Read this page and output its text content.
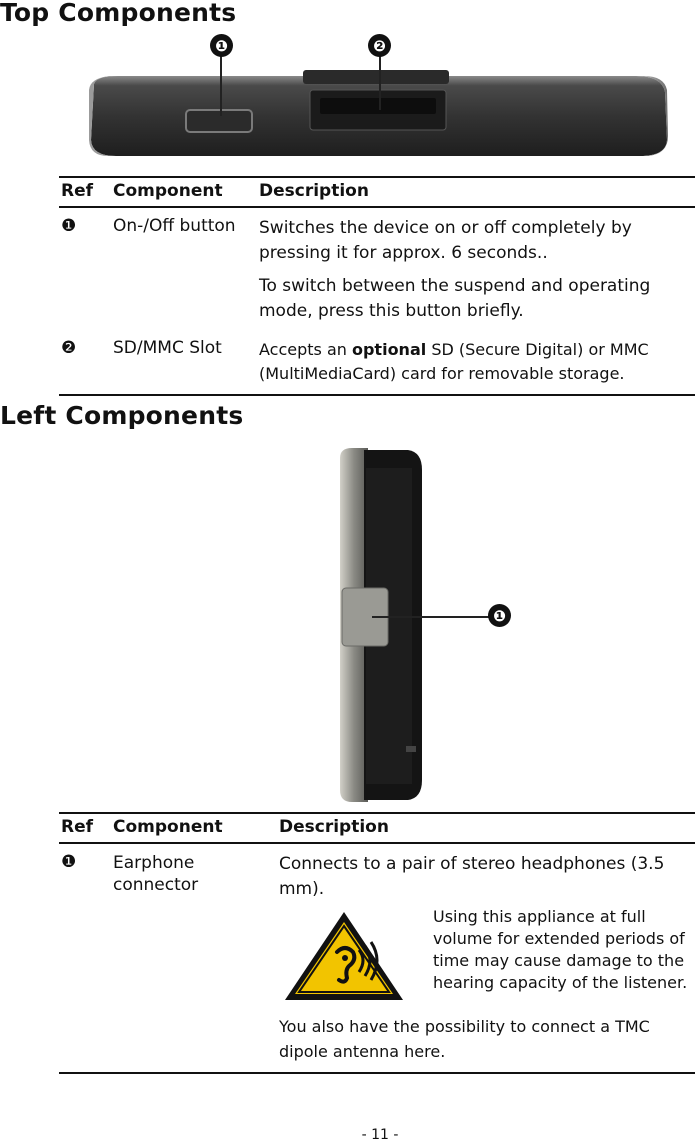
Top Components
❶	❷
Ref	Component	Description
❶	On-/Off button	Switches the device on or off completely by pressing it for approx. 6 seconds..

To switch between the suspend and operating mode, press this button briefly.

❷	SD/MMC Slot	Accepts an optional SD (Secure Digital) or MMC (MultiMediaCard) card for removable storage.
Left Components
❶
Ref	Component	Description
❶	Earphone connector	Connects to a pair of stereo headphones (3.5 mm).

Using this appliance at full volume for extended periods of time may cause damage to the hearing capacity of the listener.

You also have the possibility to connect a TMC dipole antenna here.

- 11 -
